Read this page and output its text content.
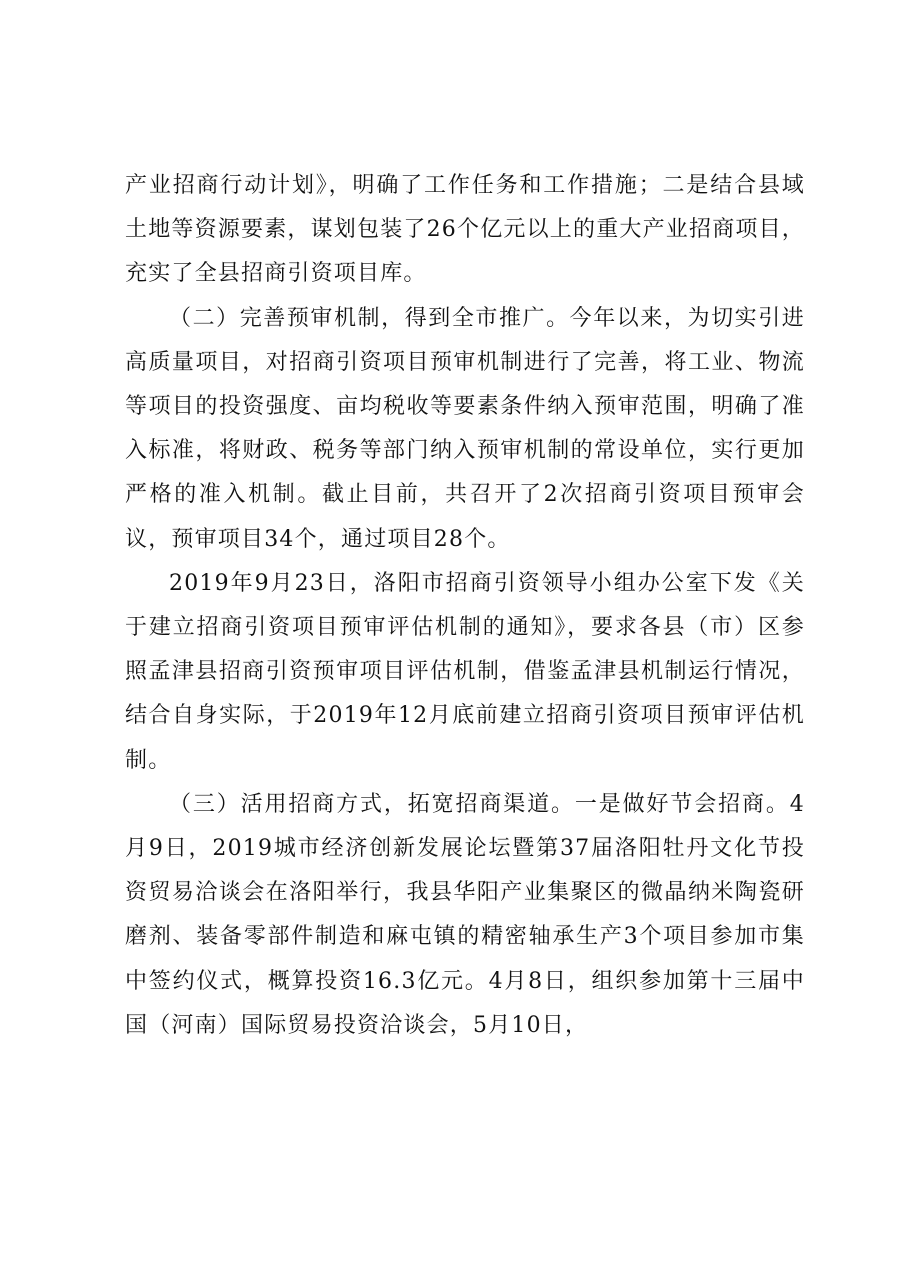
产业招商行动计划》，明确了工作任务和工作措施；二是结合县域土地等资源要素，谋划包装了26个亿元以上的重大产业招商项目，充实了全县招商引资项目库。

（二）完善预审机制，得到全市推广。今年以来，为切实引进高质量项目，对招商引资项目预审机制进行了完善，将工业、物流等项目的投资强度、亩均税收等要素条件纳入预审范围，明确了准入标准，将财政、税务等部门纳入预审机制的常设单位，实行更加严格的准入机制。截止目前，共召开了2次招商引资项目预审会议，预审项目34个，通过项目28个。

2019年9月23日，洛阳市招商引资领导小组办公室下发《关于建立招商引资项目预审评估机制的通知》，要求各县（市）区参照孟津县招商引资预审项目评估机制，借鉴孟津县机制运行情况，结合自身实际，于2019年12月底前建立招商引资项目预审评估机制。

（三）活用招商方式，拓宽招商渠道。一是做好节会招商。4月9日，2019城市经济创新发展论坛暨第37届洛阳牡丹文化节投资贸易洽谈会在洛阳举行，我县华阳产业集聚区的微晶纳米陶瓷研磨剂、装备零部件制造和麻屯镇的精密轴承生产3个项目参加市集中签约仪式，概算投资16.3亿元。4月8日，组织参加第十三届中国（河南）国际贸易投资洽谈会，5月10日，
